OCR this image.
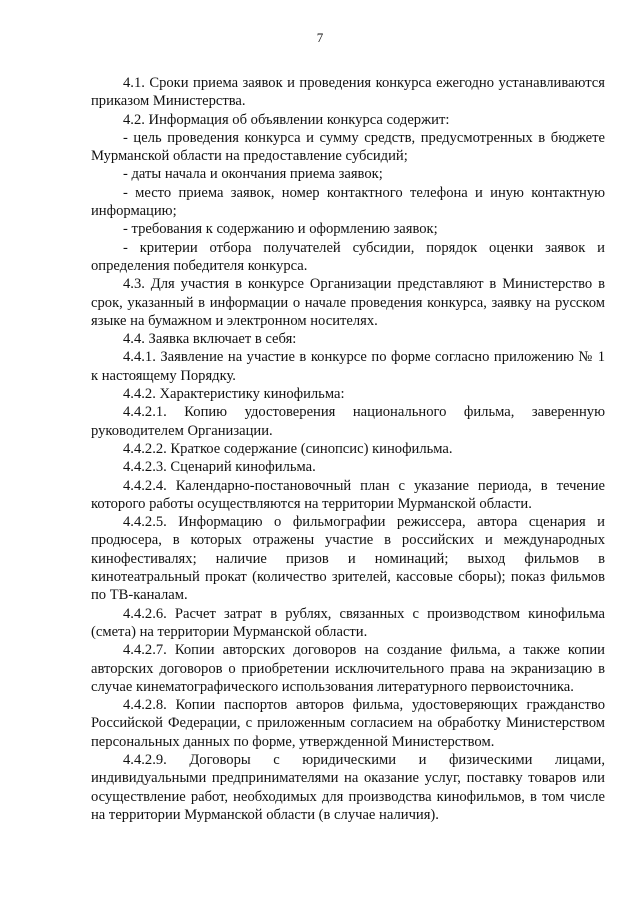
7

4.1. Сроки приема заявок и проведения конкурса ежегодно устанавливаются приказом Министерства.

4.2. Информация об объявлении конкурса содержит:

- цель проведения конкурса и сумму средств, предусмотренных в бюджете Мурманской области на предоставление субсидий;

- даты начала и окончания приема заявок;

- место приема заявок, номер контактного телефона и иную контактную информацию;

- требования к содержанию и оформлению заявок;

- критерии отбора получателей субсидии, порядок оценки заявок и определения победителя конкурса.

4.3. Для участия в конкурсе Организации представляют в Министерство в срок, указанный в информации о начале проведения конкурса, заявку на русском языке на бумажном и электронном носителях.

4.4. Заявка включает в себя:

4.4.1. Заявление на участие в конкурсе по форме согласно приложению № 1 к настоящему Порядку.

4.4.2. Характеристику кинофильма:

4.4.2.1. Копию удостоверения национального фильма, заверенную руководителем Организации.

4.4.2.2. Краткое содержание (синопсис) кинофильма.

4.4.2.3. Сценарий кинофильма.

4.4.2.4. Календарно-постановочный план с указание периода, в течение которого работы осуществляются на территории Мурманской области.

4.4.2.5. Информацию о фильмографии режиссера, автора сценария и продюсера, в которых отражены участие в российских и международных кинофестивалях; наличие призов и номинаций; выход фильмов в кинотеатральный прокат (количество зрителей, кассовые сборы); показ фильмов по ТВ-каналам.

4.4.2.6. Расчет затрат в рублях, связанных с производством кинофильма (смета) на территории Мурманской области.

4.4.2.7. Копии авторских договоров на создание фильма, а также копии авторских договоров о приобретении исключительного права на экранизацию в случае кинематографического использования литературного первоисточника.

4.4.2.8. Копии паспортов авторов фильма, удостоверяющих гражданство Российской Федерации, с приложенным согласием на обработку Министерством персональных данных по форме, утвержденной Министерством.

4.4.2.9. Договоры с юридическими и физическими лицами, индивидуальными предпринимателями на оказание услуг, поставку товаров или осуществление работ, необходимых для производства кинофильмов, в том числе на территории Мурманской области (в случае наличия).
